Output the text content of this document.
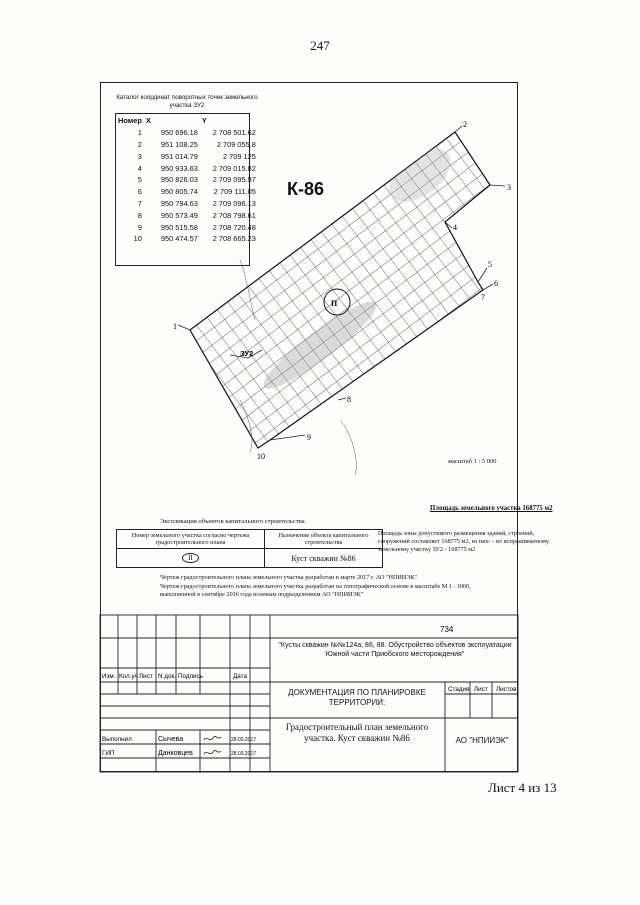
247
Каталог координат поворотных точек земельного участка ЗУ2
Номер	X	Y
1	950 696.18	2 708 501.62
2	951 108.25	2 709 055.8
3	951 014.79	2 709 125
4	950 933.63	2 709 015.82
5	950 826.03	2 709 095.97
6	950 805.74	2 709 111.05
7	950 794.63	2 709 096.13
8	950 573.49	2 708 798.61
9	950 515.58	2 708 720.48
10	950 474.57	2 708 665.23
П
1
2
3
4
5
6
7
8
9
10
ЗУ2
К-86
масштаб 1 : 5 000
Площадь земельного участка 168775 м2
Площадь зоны допустимого размещения зданий, строений, сооружений составляет 168775 м2, из них: - по испрашиваемому земельному участку ЗУ2 - 168775 м2
Экспликация объектов капитального строительства
Номер земельного участка согласно чертежа градостроительного плана	Назначение объекта капитального строительства
II	Куст скважин №86
Чертеж градостроительного плана земельного участка разработан в марте 2017 г. АО "НПИИЭК"
Чертеж градостроительного плана земельного участка разработан на топографической основе в масштабе М 1 : 1000,
выполненной в сентябре 2016 года полевым подразделением АО "НПИИЭК"
Изм. Кол.уч Лист N док. Подпись	Дата
Стадия Лист Листов
Выполнил	Сычева	28.03.2017
ГИП	Данковцев	28.03.2017
734
"Кусты скважин №№124а, 86, 88. Обустройство объектов эксплуатации Южной части Приобского месторождения"
ДОКУМЕНТАЦИЯ ПО ПЛАНИРОВКЕ ТЕРРИТОРИИ:
Градостроительный план земельного участка. Куст скважин №86	АО "НПИИЭК"
Лист 4 из 13
